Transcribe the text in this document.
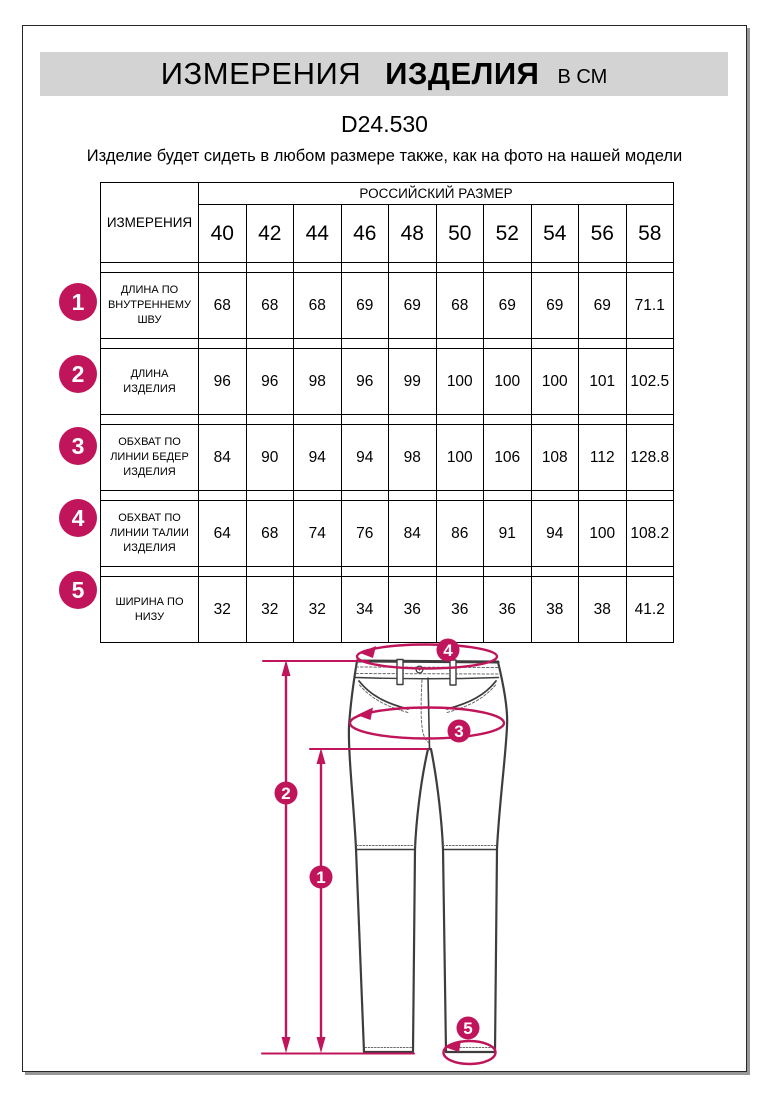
ИЗМЕРЕНИЯ ИЗДЕЛИЯ В СМ
D24.530
Изделие будет сидеть в любом размере также, как на фото на нашей модели
ИЗМЕРЕНИЯ	РОССИЙСКИЙ РАЗМЕР									
	40	42	44	46	48	50	52	54	56	58

ДЛИНА ПО ВНУТРЕННЕМУ ШВУ	68	68	68	69	69	68	69	69	69	71.1

ДЛИНА ИЗДЕЛИЯ	96	96	98	96	99	100	100	100	101	102.5

ОБХВАТ ПО ЛИНИИ БЕДЕР ИЗДЕЛИЯ	84	90	94	94	98	100	106	108	112	128.8

ОБХВАТ ПО ЛИНИИ ТАЛИИ ИЗДЕЛИЯ	64	68	74	76	84	86	91	94	100	108.2

ШИРИНА ПО НИЗУ	32	32	32	34	36	36	36	38	38	41.2
1
2
3
4
5
1
2
3
4
5
